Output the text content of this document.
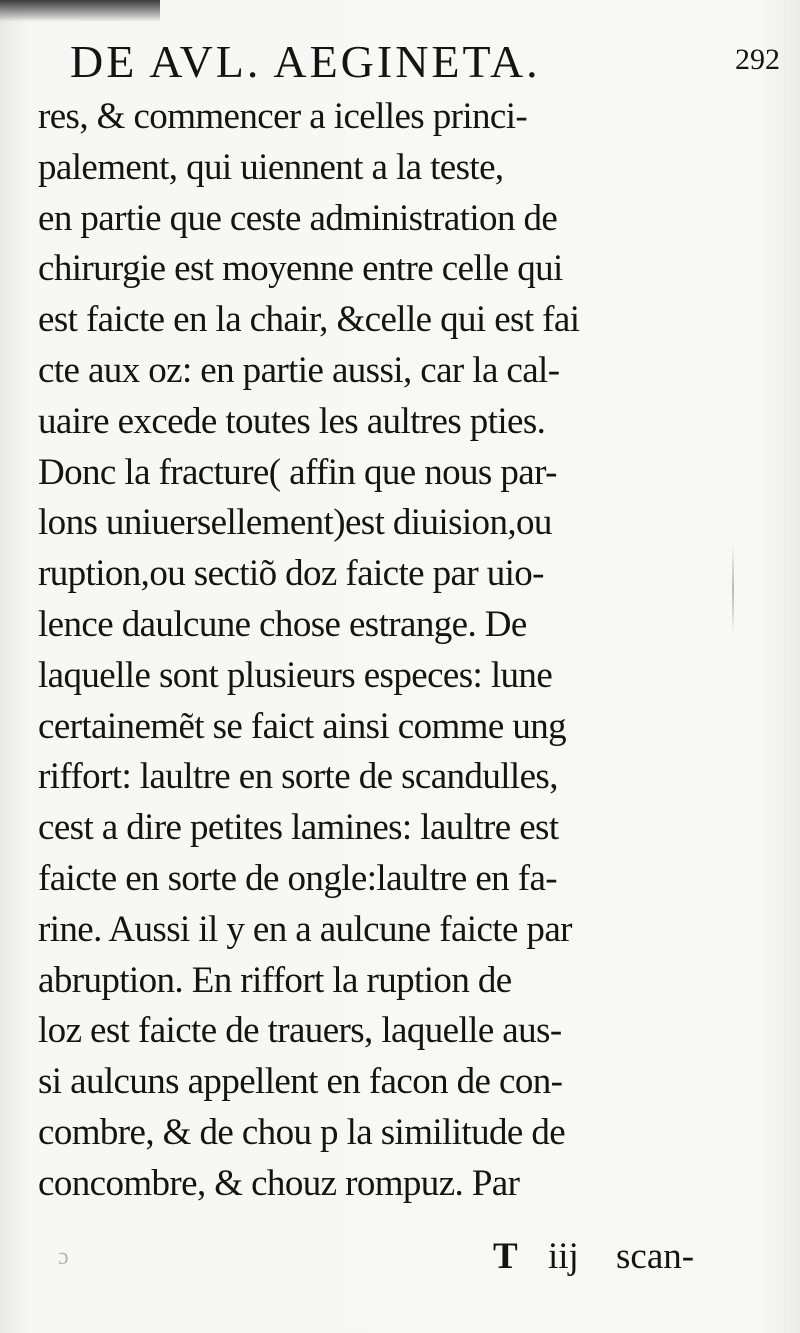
DE AVL. AEGINETA.	292
res, & commencer a icelles princi-
palement, qui uiennent a la teste,
en partie que ceste administration de
chirurgie est moyenne entre celle qui
est faicte en la chair, &celle qui est fai
cte aux oz: en partie aussi, car la cal-
uaire excede toutes les aultres pties.
Donc la fracture( affin que nous par-
lons uniuersellement)est diuision,ou
ruption,ou sectiõ doz faicte par uio-
lence daulcune chose estrange. De
laquelle sont plusieurs especes: lune
certainemẽt se faict ainsi comme ung
riffort: laultre en sorte de scandulles,
cest a dire petites lamines: laultre est
faicte en sorte de ongle:laultre en fa-
rine. Aussi il y en a aulcune faicte par
abruption. En riffort la ruption de
loz est faicte de trauers, laquelle aus-
si aulcuns appellent en facon de con-
combre, & de chou p la similitude de
concombre, & chouz rompuz. Par
T iij scan-
ɔ
